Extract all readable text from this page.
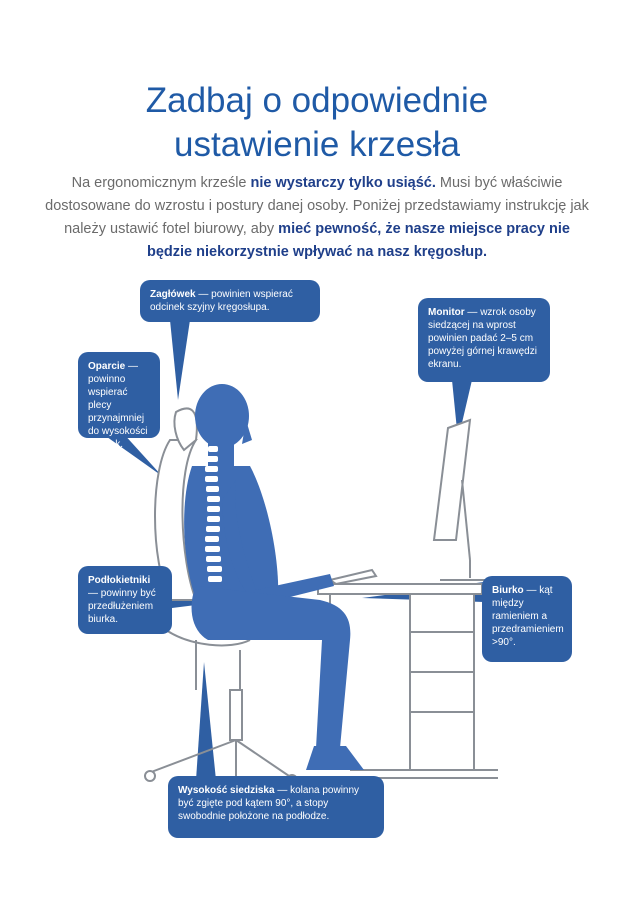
Zadbaj o odpowiednie
ustawienie krzesła

Na ergonomicznym krześle nie wystarczy tylko usiąść. Musi być właściwie dostosowane do wzrostu i postury danej osoby. Poniżej przedstawiamy instrukcję jak należy ustawić fotel biurowy, aby mieć pewność, że nasze miejsce pracy nie będzie niekorzystnie wpływać na nasz kręgosłup.

Zagłówek — powinien wspierać odcinek szyjny kręgosłupa.	Monitor — wzrok osoby siedzącej na wprost powinien padać 2–5 cm powyżej górnej krawędzi ekranu.
Oparcie — powinno wspierać plecy przynajmniej do wysokości łopatek.
Podłokietniki — powinny być przedłużeniem biurka.
Biurko — kąt między ramieniem a przedramieniem >90°.
Wysokość siedziska — kolana powinny być zgięte pod kątem 90°, a stopy swobodnie położone na podłodze.
